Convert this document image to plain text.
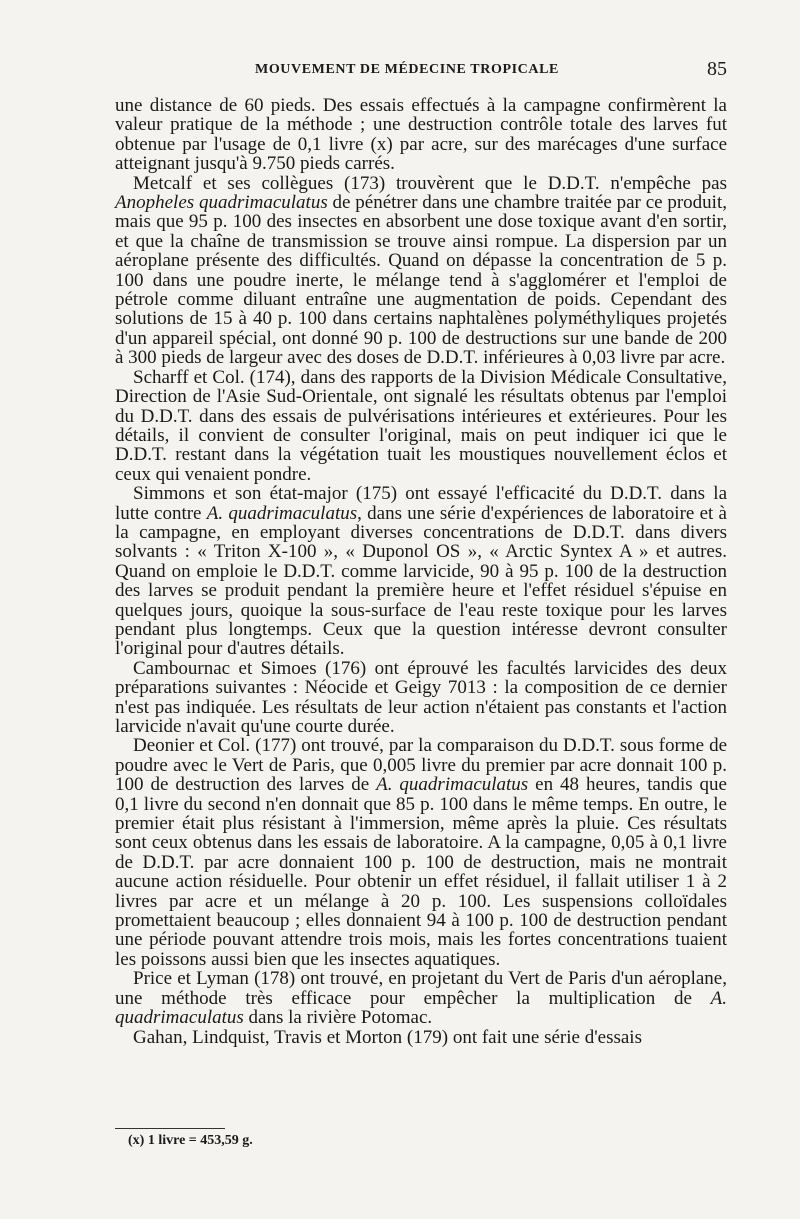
MOUVEMENT DE MÉDECINE TROPICALE	85

une distance de 60 pieds. Des essais effectués à la campagne confirmèrent la valeur pratique de la méthode ; une destruction contrôle totale des larves fut obtenue par l'usage de 0,1 livre (x) par acre, sur des marécages d'une surface atteignant jusqu'à 9.750 pieds carrés.

Metcalf et ses collègues (173) trouvèrent que le D.D.T. n'empêche pas Anopheles quadrimaculatus de pénétrer dans une chambre traitée par ce produit, mais que 95 p. 100 des insectes en absorbent une dose toxique avant d'en sortir, et que la chaîne de transmission se trouve ainsi rompue. La dispersion par un aéroplane présente des difficultés. Quand on dépasse la concentration de 5 p. 100 dans une poudre inerte, le mélange tend à s'agglomérer et l'emploi de pétrole comme diluant entraîne une augmentation de poids. Cependant des solutions de 15 à 40 p. 100 dans certains naphtalènes polyméthyliques projetés d'un appareil spécial, ont donné 90 p. 100 de destructions sur une bande de 200 à 300 pieds de largeur avec des doses de D.D.T. inférieures à 0,03 livre par acre.

Scharff et Col. (174), dans des rapports de la Division Médicale Consultative, Direction de l'Asie Sud-Orientale, ont signalé les résultats obtenus par l'emploi du D.D.T. dans des essais de pulvérisations intérieures et extérieures. Pour les détails, il convient de consulter l'original, mais on peut indiquer ici que le D.D.T. restant dans la végétation tuait les moustiques nouvellement éclos et ceux qui venaient pondre.

Simmons et son état-major (175) ont essayé l'efficacité du D.D.T. dans la lutte contre A. quadrimaculatus, dans une série d'expériences de laboratoire et à la campagne, en employant diverses concentrations de D.D.T. dans divers solvants : « Triton X-100 », « Duponol OS », « Arctic Syntex A » et autres. Quand on emploie le D.D.T. comme larvicide, 90 à 95 p. 100 de la destruction des larves se produit pendant la première heure et l'effet résiduel s'épuise en quelques jours, quoique la sous-surface de l'eau reste toxique pour les larves pendant plus longtemps. Ceux que la question intéresse devront consulter l'original pour d'autres détails.

Cambournac et Simoes (176) ont éprouvé les facultés larvicides des deux préparations suivantes : Néocide et Geigy 7013 : la composition de ce dernier n'est pas indiquée. Les résultats de leur action n'étaient pas constants et l'action larvicide n'avait qu'une courte durée.

Deonier et Col. (177) ont trouvé, par la comparaison du D.D.T. sous forme de poudre avec le Vert de Paris, que 0,005 livre du premier par acre donnait 100 p. 100 de destruction des larves de A. quadrimaculatus en 48 heures, tandis que 0,1 livre du second n'en donnait que 85 p. 100 dans le même temps. En outre, le premier était plus résistant à l'immersion, même après la pluie. Ces résultats sont ceux obtenus dans les essais de laboratoire. A la campagne, 0,05 à 0,1 livre de D.D.T. par acre donnaient 100 p. 100 de destruction, mais ne montrait aucune action résiduelle. Pour obtenir un effet résiduel, il fallait utiliser 1 à 2 livres par acre et un mélange à 20 p. 100. Les suspensions colloïdales promettaient beaucoup ; elles donnaient 94 à 100 p. 100 de destruction pendant une période pouvant attendre trois mois, mais les fortes concentrations tuaient les poissons aussi bien que les insectes aquatiques.

Price et Lyman (178) ont trouvé, en projetant du Vert de Paris d'un aéroplane, une méthode très efficace pour empêcher la multiplication de A. quadrimaculatus dans la rivière Potomac.

Gahan, Lindquist, Travis et Morton (179) ont fait une série d'essais

(x) 1 livre = 453,59 g.
